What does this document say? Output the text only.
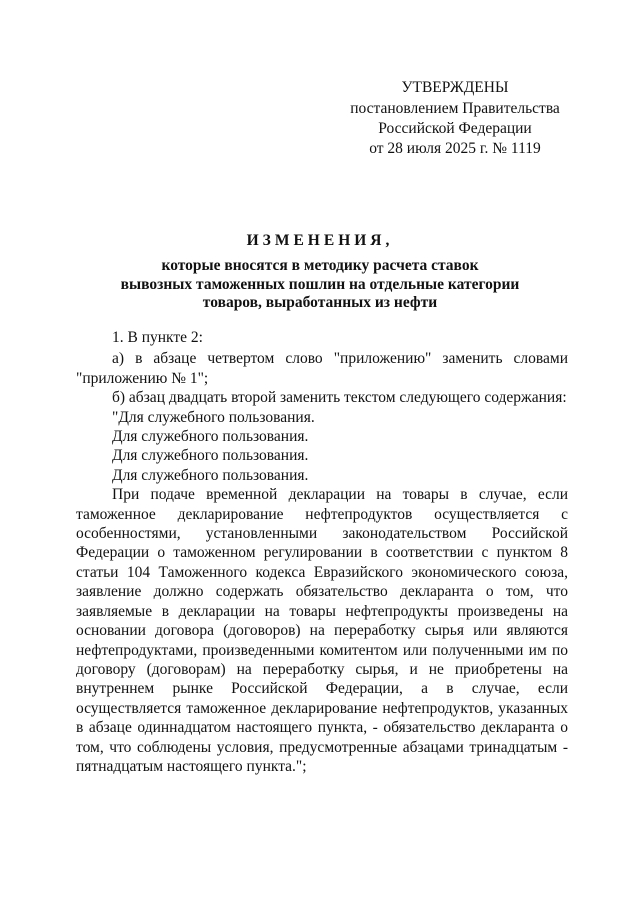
УТВЕРЖДЕНЫ
постановлением Правительства
Российской Федерации
от 28 июля 2025 г. № 1119
ИЗМЕНЕНИЯ,
которые вносятся в методику расчета ставок
вывозных таможенных пошлин на отдельные категории
товаров, выработанных из нефти

1. В пункте 2:

а) в абзаце четвертом слово "приложению" заменить словами "приложению № 1";

б) абзац двадцать второй заменить текстом следующего содержания:

"Для служебного пользования.

Для служебного пользования.

Для служебного пользования.

Для служебного пользования.

При подаче временной декларации на товары в случае, если таможенное декларирование нефтепродуктов осуществляется с особенностями, установленными законодательством Российской Федерации о таможенном регулировании в соответствии с пунктом 8 статьи 104 Таможенного кодекса Евразийского экономического союза, заявление должно содержать обязательство декларанта о том, что заявляемые в декларации на товары нефтепродукты произведены на основании договора (договоров) на переработку сырья или являются нефтепродуктами, произведенными комитентом или полученными им по договору (договорам) на переработку сырья, и не приобретены на внутреннем рынке Российской Федерации, а в случае, если осуществляется таможенное декларирование нефтепродуктов, указанных в абзаце одиннадцатом настоящего пункта, - обязательство декларанта о том, что соблюдены условия, предусмотренные абзацами тринадцатым - пятнадцатым настоящего пункта.";
